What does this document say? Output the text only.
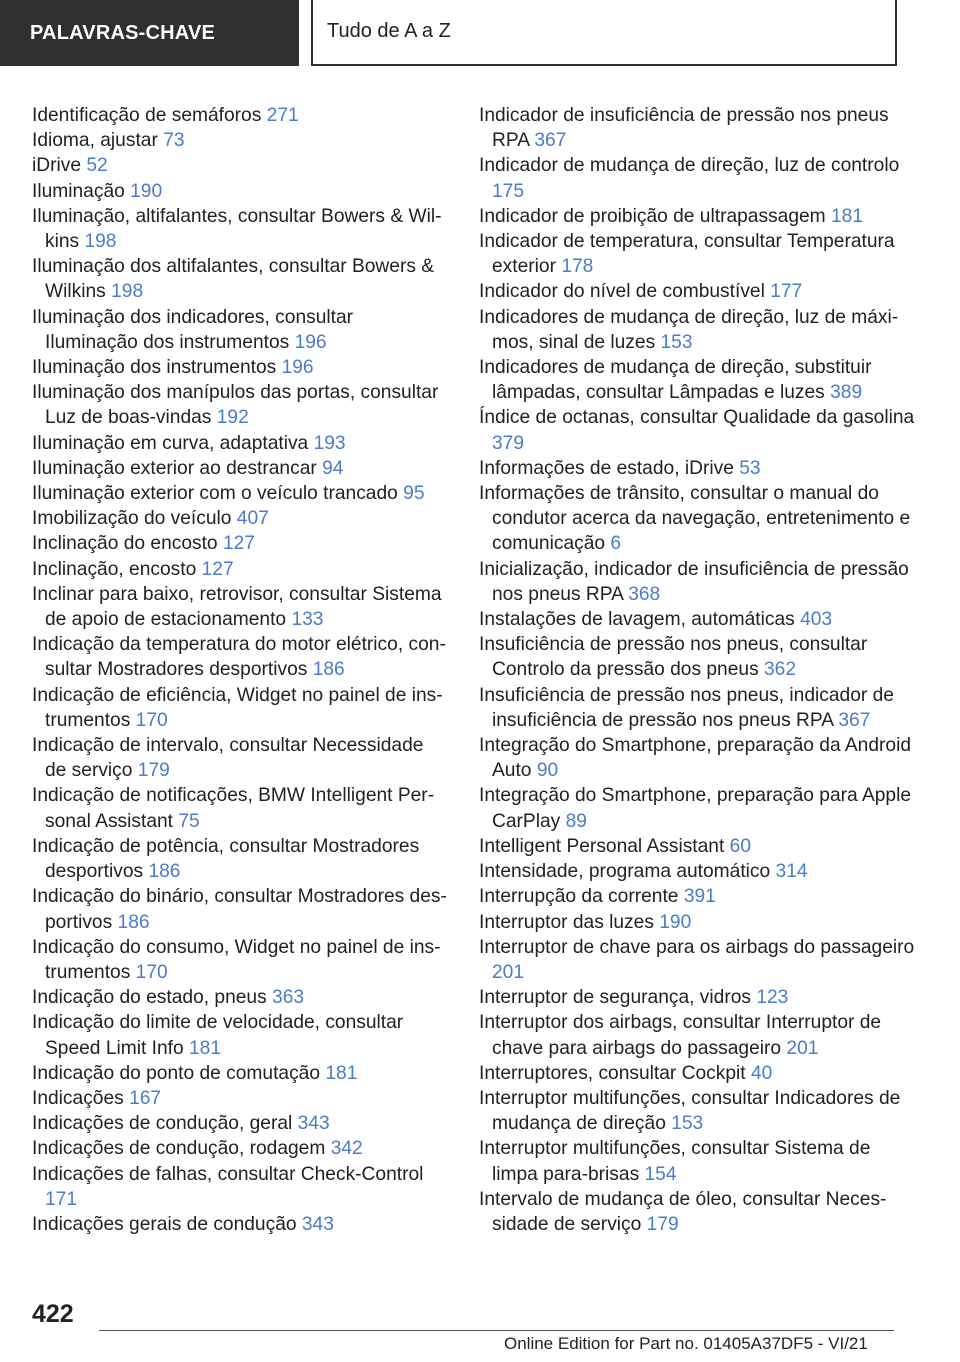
PALAVRAS-CHAVE	Tudo de A a Z
Identificação de semáforos 271
Idioma, ajustar 73
iDrive 52
Iluminação 190
Iluminação, altifalantes, consultar Bowers & Wilkins 198
Iluminação dos altifalantes, consultar Bowers & Wilkins 198
Iluminação dos indicadores, consultar Iluminação dos instrumentos 196
Iluminação dos instrumentos 196
Iluminação dos manípulos das portas, consultar Luz de boas-vindas 192
Iluminação em curva, adaptativa 193
Iluminação exterior ao destrancar 94
Iluminação exterior com o veículo trancado 95
Imobilização do veículo 407
Inclinação do encosto 127
Inclinação, encosto 127
Inclinar para baixo, retrovisor, consultar Sistema de apoio de estacionamento 133
Indicação da temperatura do motor elétrico, consultar Mostradores desportivos 186
Indicação de eficiência, Widget no painel de instrumentos 170
Indicação de intervalo, consultar Necessidade de serviço 179
Indicação de notificações, BMW Intelligent Personal Assistant 75
Indicação de potência, consultar Mostradores desportivos 186
Indicação do binário, consultar Mostradores desportivos 186
Indicação do consumo, Widget no painel de instrumentos 170
Indicação do estado, pneus 363
Indicação do limite de velocidade, consultar Speed Limit Info 181
Indicação do ponto de comutação 181
Indicações 167
Indicações de condução, geral 343
Indicações de condução, rodagem 342
Indicações de falhas, consultar Check-Control 171
Indicações gerais de condução 343
Indicador de insuficiência de pressão nos pneus RPA 367
Indicador de mudança de direção, luz de controlo 175
Indicador de proibição de ultrapassagem 181
Indicador de temperatura, consultar Temperatura exterior 178
Indicador do nível de combustível 177
Indicadores de mudança de direção, luz de máximos, sinal de luzes 153
Indicadores de mudança de direção, substituir lâmpadas, consultar Lâmpadas e luzes 389
Índice de octanas, consultar Qualidade da gasolina 379
Informações de estado, iDrive 53
Informações de trânsito, consultar o manual do condutor acerca da navegação, entretenimento e comunicação 6
Inicialização, indicador de insuficiência de pressão nos pneus RPA 368
Instalações de lavagem, automáticas 403
Insuficiência de pressão nos pneus, consultar Controlo da pressão dos pneus 362
Insuficiência de pressão nos pneus, indicador de insuficiência de pressão nos pneus RPA 367
Integração do Smartphone, preparação da Android Auto 90
Integração do Smartphone, preparação para Apple CarPlay 89
Intelligent Personal Assistant 60
Intensidade, programa automático 314
Interrupção da corrente 391
Interruptor das luzes 190
Interruptor de chave para os airbags do passageiro 201
Interruptor de segurança, vidros 123
Interruptor dos airbags, consultar Interruptor de chave para airbags do passageiro 201
Interruptores, consultar Cockpit 40
Interruptor multifunções, consultar Indicadores de mudança de direção 153
Interruptor multifunções, consultar Sistema de limpa para-brisas 154
Intervalo de mudança de óleo, consultar Necessidade de serviço 179
422
Online Edition for Part no. 01405A37DF5 - VI/21
